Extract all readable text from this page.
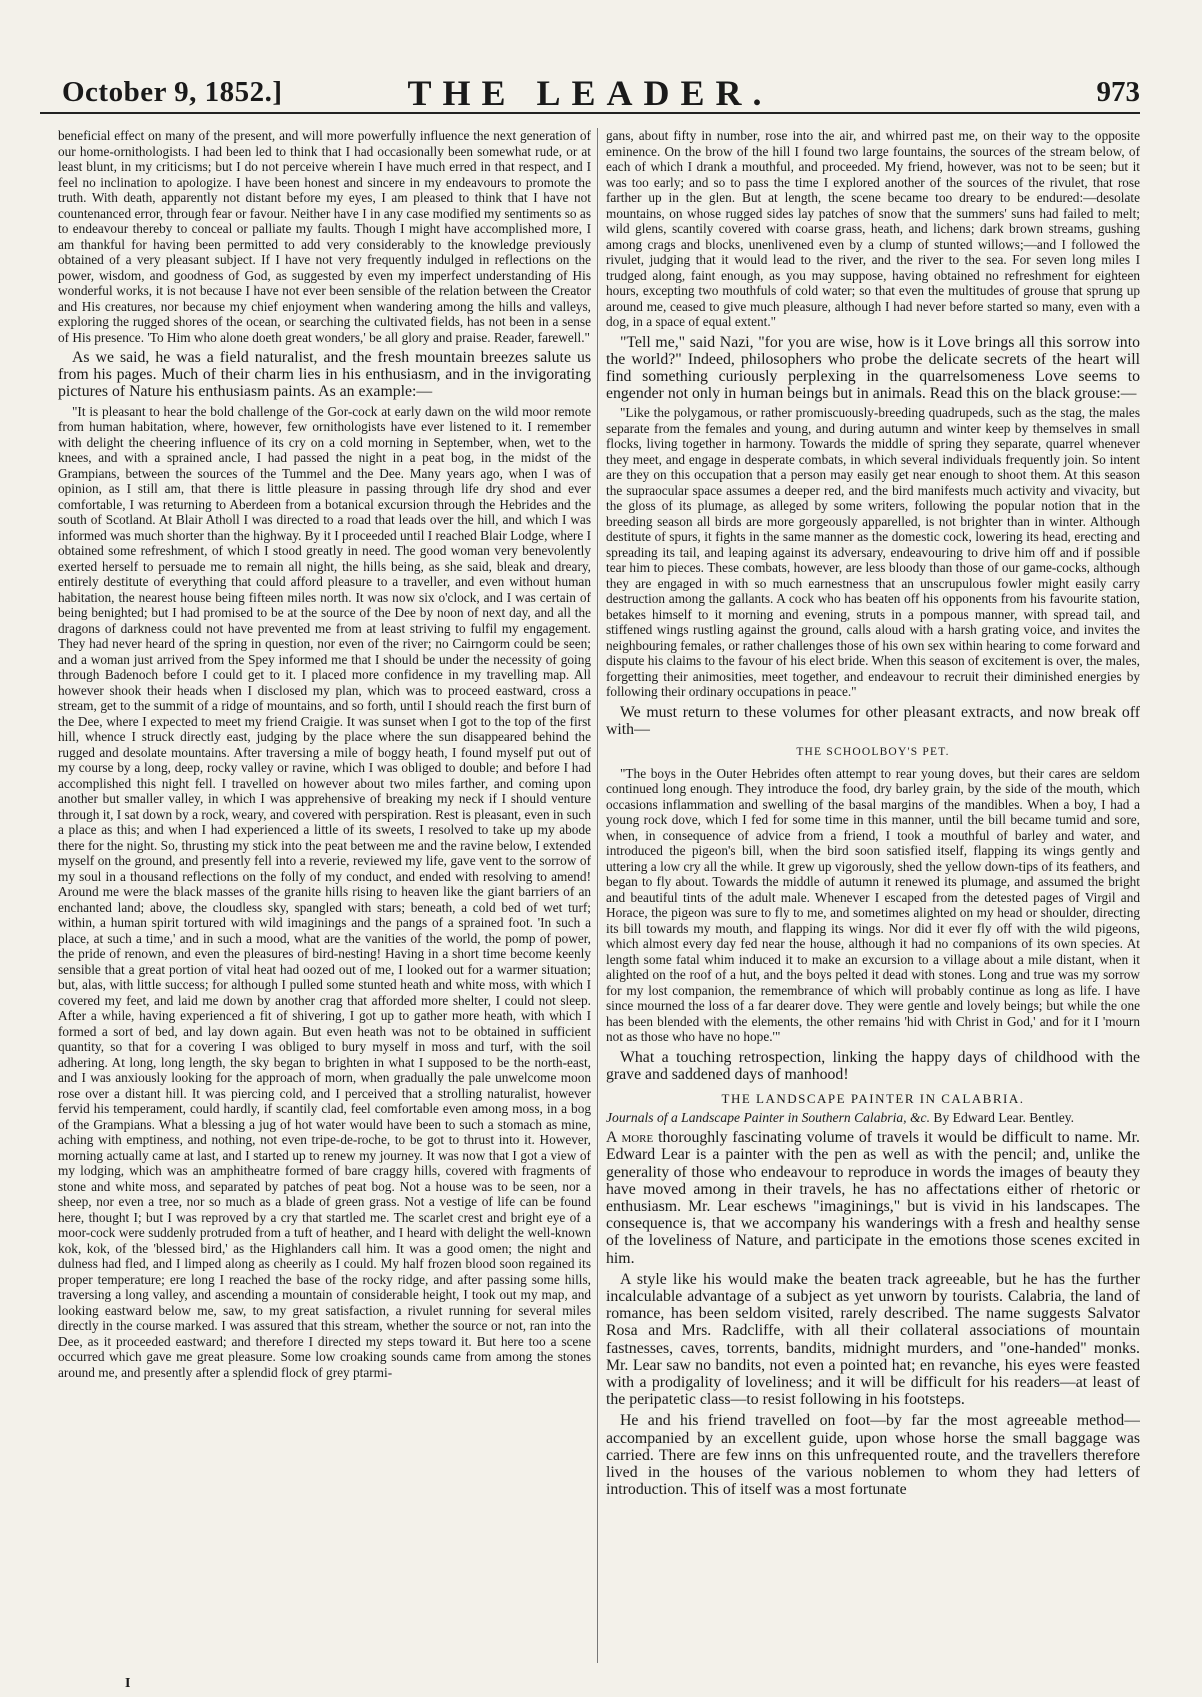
October 9, 1852.]	THE LEADER.	973

beneficial effect on many of the present, and will more powerfully influence the next generation of our home-ornithologists. I had been led to think that I had occasionally been somewhat rude, or at least blunt, in my criticisms; but I do not perceive wherein I have much erred in that respect, and I feel no inclination to apologize. I have been honest and sincere in my endeavours to promote the truth. With death, apparently not distant before my eyes, I am pleased to think that I have not countenanced error, through fear or favour. Neither have I in any case modified my sentiments so as to endeavour thereby to conceal or palliate my faults. Though I might have accomplished more, I am thankful for having been permitted to add very considerably to the knowledge previously obtained of a very pleasant subject. If I have not very frequently indulged in reflections on the power, wisdom, and goodness of God, as suggested by even my imperfect understanding of His wonderful works, it is not because I have not ever been sensible of the relation between the Creator and His creatures, nor because my chief enjoyment when wandering among the hills and valleys, exploring the rugged shores of the ocean, or searching the cultivated fields, has not been in a sense of His presence. 'To Him who alone doeth great wonders,' be all glory and praise. Reader, farewell."

As we said, he was a field naturalist, and the fresh mountain breezes salute us from his pages. Much of their charm lies in his enthusiasm, and in the invigorating pictures of Nature his enthusiasm paints. As an example:—

"It is pleasant to hear the bold challenge of the Gor-cock at early dawn on the wild moor remote from human habitation, where, however, few ornithologists have ever listened to it. I remember with delight the cheering influence of its cry on a cold morning in September, when, wet to the knees, and with a sprained ancle, I had passed the night in a peat bog, in the midst of the Grampians, between the sources of the Tummel and the Dee. Many years ago, when I was of opinion, as I still am, that there is little pleasure in passing through life dry shod and ever comfortable, I was returning to Aberdeen from a botanical excursion through the Hebrides and the south of Scotland. At Blair Atholl I was directed to a road that leads over the hill, and which I was informed was much shorter than the highway. By it I proceeded until I reached Blair Lodge, where I obtained some refreshment, of which I stood greatly in need. The good woman very benevolently exerted herself to persuade me to remain all night, the hills being, as she said, bleak and dreary, entirely destitute of everything that could afford pleasure to a traveller, and even without human habitation, the nearest house being fifteen miles north. It was now six o'clock, and I was certain of being benighted; but I had promised to be at the source of the Dee by noon of next day, and all the dragons of darkness could not have prevented me from at least striving to fulfil my engagement. They had never heard of the spring in question, nor even of the river; no Cairngorm could be seen; and a woman just arrived from the Spey informed me that I should be under the necessity of going through Badenoch before I could get to it. I placed more confidence in my travelling map. All however shook their heads when I disclosed my plan, which was to proceed eastward, cross a stream, get to the summit of a ridge of mountains, and so forth, until I should reach the first burn of the Dee, where I expected to meet my friend Craigie. It was sunset when I got to the top of the first hill, whence I struck directly east, judging by the place where the sun disappeared behind the rugged and desolate mountains. After traversing a mile of boggy heath, I found myself put out of my course by a long, deep, rocky valley or ravine, which I was obliged to double; and before I had accomplished this night fell. I travelled on however about two miles farther, and coming upon another but smaller valley, in which I was apprehensive of breaking my neck if I should venture through it, I sat down by a rock, weary, and covered with perspiration. Rest is pleasant, even in such a place as this; and when I had experienced a little of its sweets, I resolved to take up my abode there for the night. So, thrusting my stick into the peat between me and the ravine below, I extended myself on the ground, and presently fell into a reverie, reviewed my life, gave vent to the sorrow of my soul in a thousand reflections on the folly of my conduct, and ended with resolving to amend! Around me were the black masses of the granite hills rising to heaven like the giant barriers of an enchanted land; above, the cloudless sky, spangled with stars; beneath, a cold bed of wet turf; within, a human spirit tortured with wild imaginings and the pangs of a sprained foot. 'In such a place, at such a time,' and in such a mood, what are the vanities of the world, the pomp of power, the pride of renown, and even the pleasures of bird-nesting! Having in a short time become keenly sensible that a great portion of vital heat had oozed out of me, I looked out for a warmer situation; but, alas, with little success; for although I pulled some stunted heath and white moss, with which I covered my feet, and laid me down by another crag that afforded more shelter, I could not sleep. After a while, having experienced a fit of shivering, I got up to gather more heath, with which I formed a sort of bed, and lay down again. But even heath was not to be obtained in sufficient quantity, so that for a covering I was obliged to bury myself in moss and turf, with the soil adhering. At long, long length, the sky began to brighten in what I supposed to be the north-east, and I was anxiously looking for the approach of morn, when gradually the pale unwelcome moon rose over a distant hill. It was piercing cold, and I perceived that a strolling naturalist, however fervid his temperament, could hardly, if scantily clad, feel comfortable even among moss, in a bog of the Grampians. What a blessing a jug of hot water would have been to such a stomach as mine, aching with emptiness, and nothing, not even tripe-de-roche, to be got to thrust into it. However, morning actually came at last, and I started up to renew my journey. It was now that I got a view of my lodging, which was an amphitheatre formed of bare craggy hills, covered with fragments of stone and white moss, and separated by patches of peat bog. Not a house was to be seen, nor a sheep, nor even a tree, nor so much as a blade of green grass. Not a vestige of life can be found here, thought I; but I was reproved by a cry that startled me. The scarlet crest and bright eye of a moor-cock were suddenly protruded from a tuft of heather, and I heard with delight the well-known kok, kok, of the 'blessed bird,' as the Highlanders call him. It was a good omen; the night and dulness had fled, and I limped along as cheerily as I could. My half frozen blood soon regained its proper temperature; ere long I reached the base of the rocky ridge, and after passing some hills, traversing a long valley, and ascending a mountain of considerable height, I took out my map, and looking eastward below me, saw, to my great satisfaction, a rivulet running for several miles directly in the course marked. I was assured that this stream, whether the source or not, ran into the Dee, as it proceeded eastward; and therefore I directed my steps toward it. But here too a scene occurred which gave me great pleasure. Some low croaking sounds came from among the stones around me, and presently after a splendid flock of grey ptarmi-

gans, about fifty in number, rose into the air, and whirred past me, on their way to the opposite eminence. On the brow of the hill I found two large fountains, the sources of the stream below, of each of which I drank a mouthful, and proceeded. My friend, however, was not to be seen; but it was too early; and so to pass the time I explored another of the sources of the rivulet, that rose farther up in the glen. But at length, the scene became too dreary to be endured:—desolate mountains, on whose rugged sides lay patches of snow that the summers' suns had failed to melt; wild glens, scantily covered with coarse grass, heath, and lichens; dark brown streams, gushing among crags and blocks, unenlivened even by a clump of stunted willows;—and I followed the rivulet, judging that it would lead to the river, and the river to the sea. For seven long miles I trudged along, faint enough, as you may suppose, having obtained no refreshment for eighteen hours, excepting two mouthfuls of cold water; so that even the multitudes of grouse that sprung up around me, ceased to give much pleasure, although I had never before started so many, even with a dog, in a space of equal extent."

"Tell me," said Nazi, "for you are wise, how is it Love brings all this sorrow into the world?" Indeed, philosophers who probe the delicate secrets of the heart will find something curiously perplexing in the quarrelsomeness Love seems to engender not only in human beings but in animals. Read this on the black grouse:—

"Like the polygamous, or rather promiscuously-breeding quadrupeds, such as the stag, the males separate from the females and young, and during autumn and winter keep by themselves in small flocks, living together in harmony. Towards the middle of spring they separate, quarrel whenever they meet, and engage in desperate combats, in which several individuals frequently join. So intent are they on this occupation that a person may easily get near enough to shoot them. At this season the supraocular space assumes a deeper red, and the bird manifests much activity and vivacity, but the gloss of its plumage, as alleged by some writers, following the popular notion that in the breeding season all birds are more gorgeously apparelled, is not brighter than in winter. Although destitute of spurs, it fights in the same manner as the domestic cock, lowering its head, erecting and spreading its tail, and leaping against its adversary, endeavouring to drive him off and if possible tear him to pieces. These combats, however, are less bloody than those of our game-cocks, although they are engaged in with so much earnestness that an unscrupulous fowler might easily carry destruction among the gallants. A cock who has beaten off his opponents from his favourite station, betakes himself to it morning and evening, struts in a pompous manner, with spread tail, and stiffened wings rustling against the ground, calls aloud with a harsh grating voice, and invites the neighbouring females, or rather challenges those of his own sex within hearing to come forward and dispute his claims to the favour of his elect bride. When this season of excitement is over, the males, forgetting their animosities, meet together, and endeavour to recruit their diminished energies by following their ordinary occupations in peace."

We must return to these volumes for other pleasant extracts, and now break off with—

THE SCHOOLBOY'S PET.

"The boys in the Outer Hebrides often attempt to rear young doves, but their cares are seldom continued long enough. They introduce the food, dry barley grain, by the side of the mouth, which occasions inflammation and swelling of the basal margins of the mandibles. When a boy, I had a young rock dove, which I fed for some time in this manner, until the bill became tumid and sore, when, in consequence of advice from a friend, I took a mouthful of barley and water, and introduced the pigeon's bill, when the bird soon satisfied itself, flapping its wings gently and uttering a low cry all the while. It grew up vigorously, shed the yellow down-tips of its feathers, and began to fly about. Towards the middle of autumn it renewed its plumage, and assumed the bright and beautiful tints of the adult male. Whenever I escaped from the detested pages of Virgil and Horace, the pigeon was sure to fly to me, and sometimes alighted on my head or shoulder, directing its bill towards my mouth, and flapping its wings. Nor did it ever fly off with the wild pigeons, which almost every day fed near the house, although it had no companions of its own species. At length some fatal whim induced it to make an excursion to a village about a mile distant, when it alighted on the roof of a hut, and the boys pelted it dead with stones. Long and true was my sorrow for my lost companion, the remembrance of which will probably continue as long as life. I have since mourned the loss of a far dearer dove. They were gentle and lovely beings; but while the one has been blended with the elements, the other remains 'hid with Christ in God,' and for it I 'mourn not as those who have no hope.'"

What a touching retrospection, linking the happy days of childhood with the grave and saddened days of manhood!

THE LANDSCAPE PAINTER IN CALABRIA.
Journals of a Landscape Painter in Southern Calabria, &c. By Edward Lear. Bentley.

A more thoroughly fascinating volume of travels it would be difficult to name. Mr. Edward Lear is a painter with the pen as well as with the pencil; and, unlike the generality of those who endeavour to reproduce in words the images of beauty they have moved among in their travels, he has no affectations either of rhetoric or enthusiasm. Mr. Lear eschews "imaginings," but is vivid in his landscapes. The consequence is, that we accompany his wanderings with a fresh and healthy sense of the loveliness of Nature, and participate in the emotions those scenes excited in him.

A style like his would make the beaten track agreeable, but he has the further incalculable advantage of a subject as yet unworn by tourists. Calabria, the land of romance, has been seldom visited, rarely described. The name suggests Salvator Rosa and Mrs. Radcliffe, with all their collateral associations of mountain fastnesses, caves, torrents, bandits, midnight murders, and "one-handed" monks. Mr. Lear saw no bandits, not even a pointed hat; en revanche, his eyes were feasted with a prodigality of loveliness; and it will be difficult for his readers—at least of the peripatetic class—to resist following in his footsteps.

He and his friend travelled on foot—by far the most agreeable method—accompanied by an excellent guide, upon whose horse the small baggage was carried. There are few inns on this unfrequented route, and the travellers therefore lived in the houses of the various noblemen to whom they had letters of introduction. This of itself was a most fortunate

I
